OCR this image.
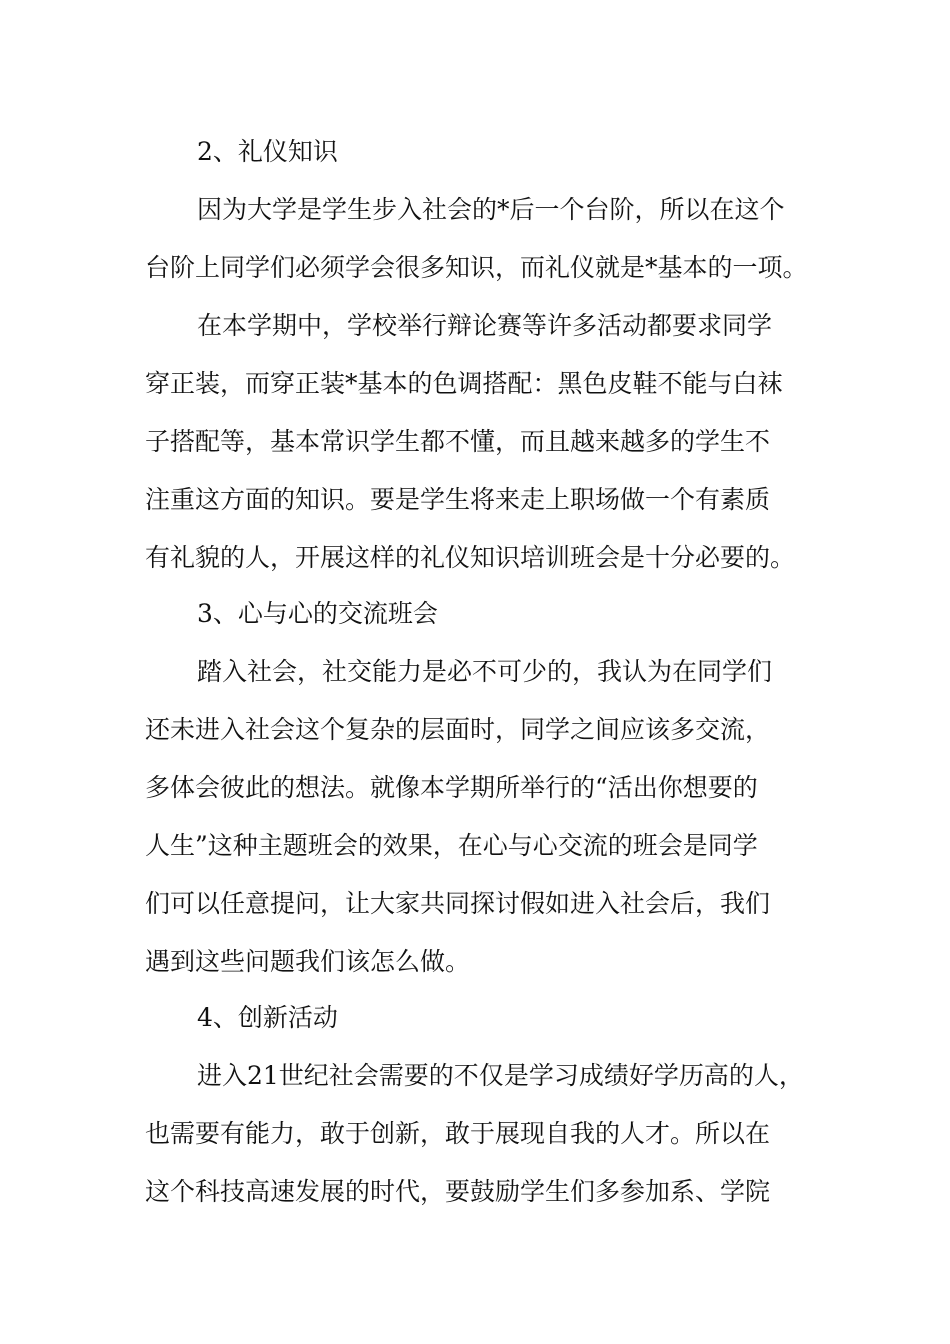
2、礼仪知识
因为大学是学生步入社会的*后一个台阶，所以在这个
台阶上同学们必须学会很多知识，而礼仪就是*基本的一项。
在本学期中，学校举行辩论赛等许多活动都要求同学
穿正装，而穿正装*基本的色调搭配：黑色皮鞋不能与白袜
子搭配等，基本常识学生都不懂，而且越来越多的学生不
注重这方面的知识。要是学生将来走上职场做一个有素质
有礼貌的人，开展这样的礼仪知识培训班会是十分必要的。
3、心与心的交流班会
踏入社会，社交能力是必不可少的，我认为在同学们
还未进入社会这个复杂的层面时，同学之间应该多交流，
多体会彼此的想法。就像本学期所举行的“活出你想要的
人生”这种主题班会的效果，在心与心交流的班会是同学
们可以任意提问，让大家共同探讨假如进入社会后，我们
遇到这些问题我们该怎么做。
4、创新活动
进入21世纪社会需要的不仅是学习成绩好学历高的人，
也需要有能力，敢于创新，敢于展现自我的人才。所以在
这个科技高速发展的时代，要鼓励学生们多参加系、学院
